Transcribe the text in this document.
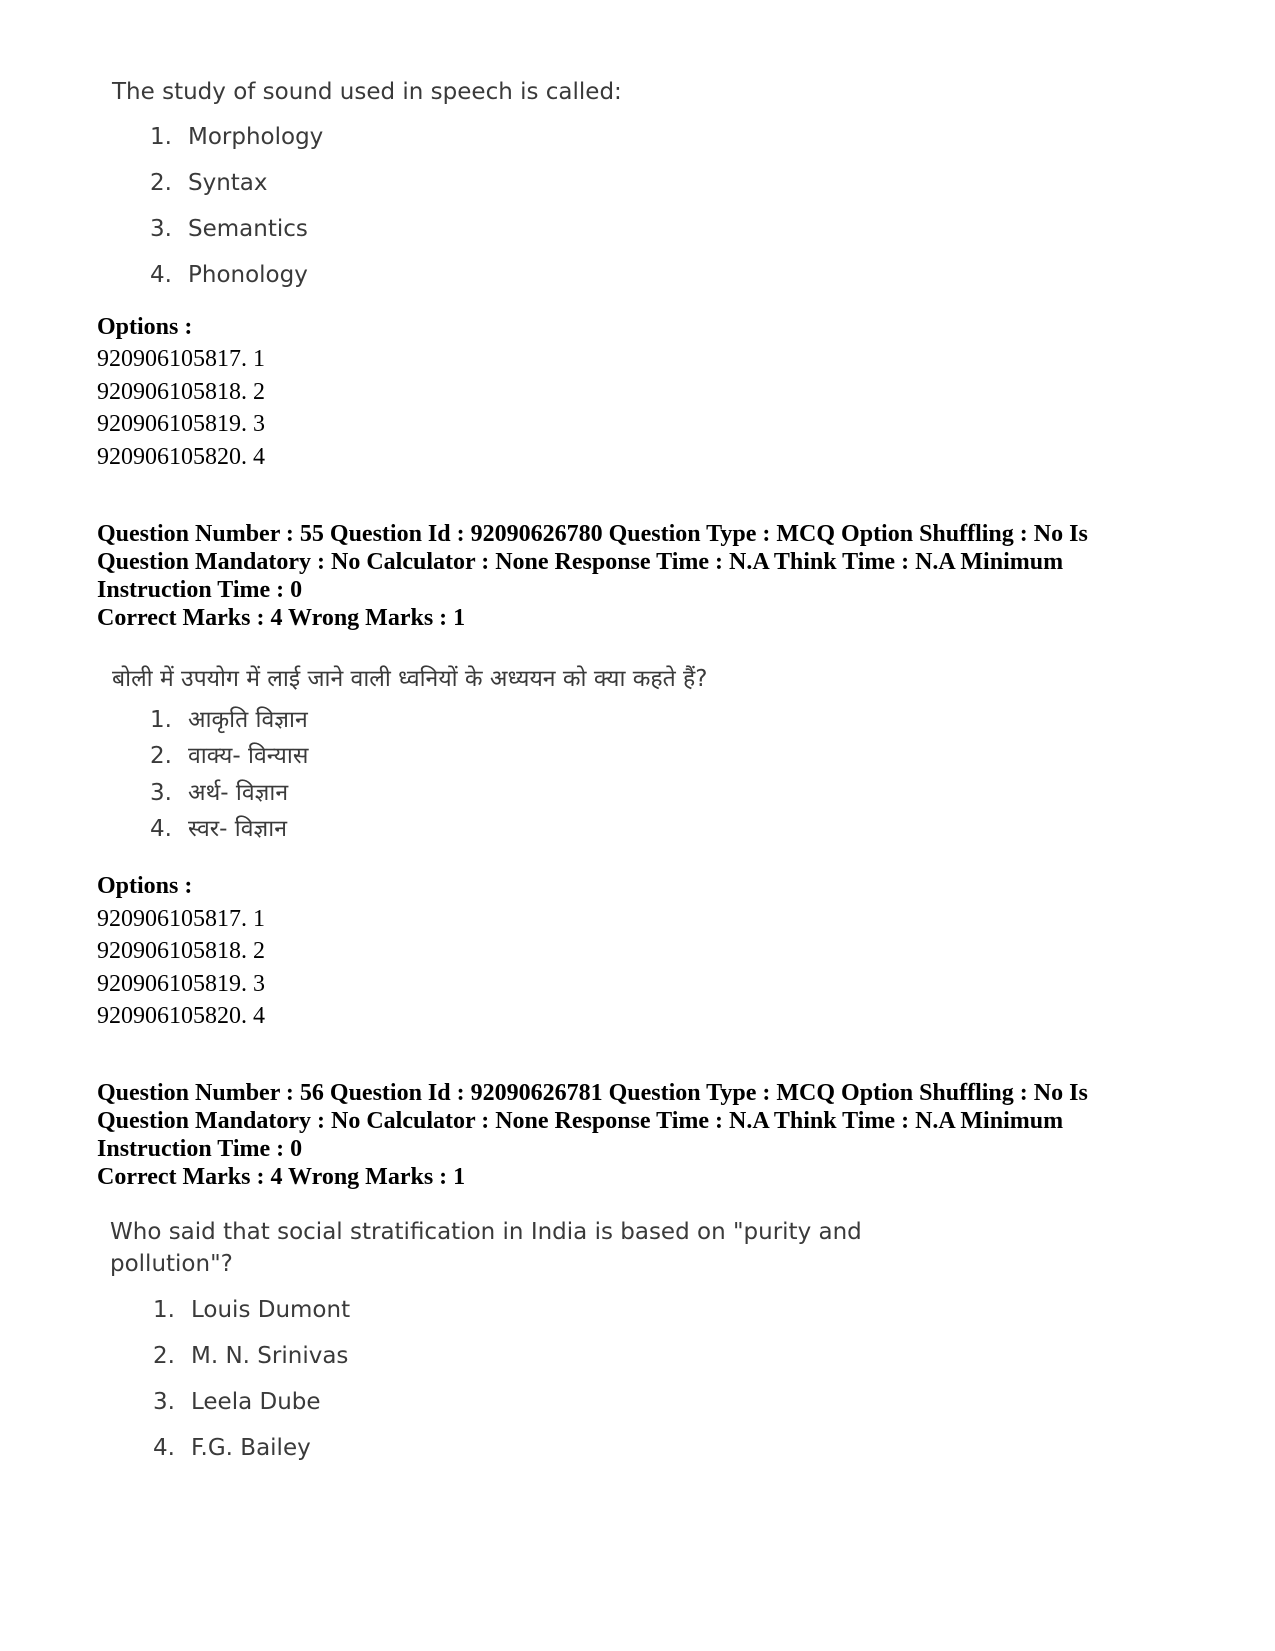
The study of sound used in speech is called:
1. Morphology
2. Syntax
3. Semantics
4. Phonology
Options :
920906105817. 1
920906105818. 2
920906105819. 3
920906105820. 4
Question Number : 55 Question Id : 92090626780 Question Type : MCQ Option Shuffling : No Is
Question Mandatory : No Calculator : None Response Time : N.A Think Time : N.A Minimum
Instruction Time : 0
Correct Marks : 4 Wrong Marks : 1
बोली में उपयोग में लाई जाने वाली ध्वनियों के अध्ययन को क्या कहते हैं?
1. आकृति विज्ञान
2. वाक्य- विन्यास
3. अर्थ- विज्ञान
4. स्वर- विज्ञान
Options :
920906105817. 1
920906105818. 2
920906105819. 3
920906105820. 4
Question Number : 56 Question Id : 92090626781 Question Type : MCQ Option Shuffling : No Is
Question Mandatory : No Calculator : None Response Time : N.A Think Time : N.A Minimum
Instruction Time : 0
Correct Marks : 4 Wrong Marks : 1
Who said that social stratification in India is based on "purity and
pollution"?
1. Louis Dumont
2. M. N. Srinivas
3. Leela Dube
4. F.G. Bailey
